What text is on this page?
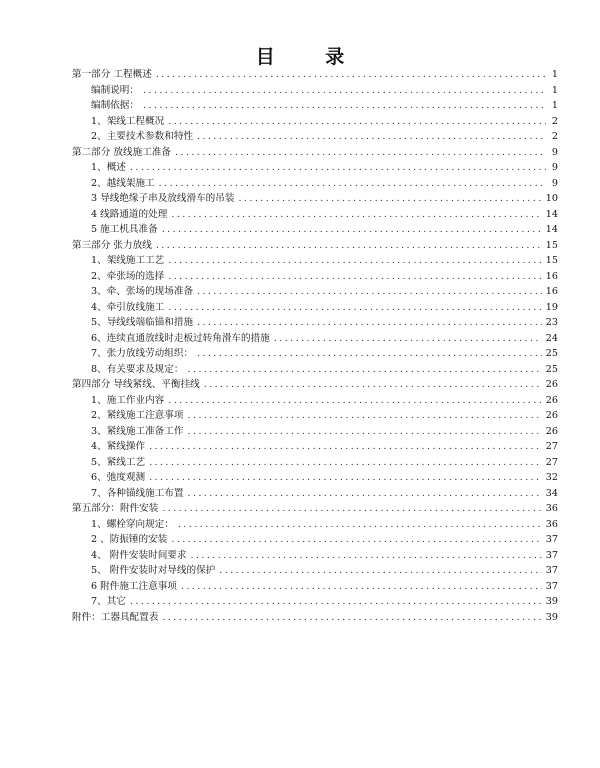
目 录
第一部分 工程概述 .....	1
编制说明： .....	1
编制依据： .....	1
1、架线工程概况 .....	2
2、主要技术参数和特性 .....	2
第二部分 放线施工准备 .....	9
1、概述 .....	9
2、越线架施工 .....	9
3 导线绝缘子串及放线滑车的吊装 .....	10
4 线路通道的处理 .....	14
5 施工机具准备 .....	14
第三部分 张力放线 .....	15
1、架线施工工艺 .....	15
2、牵张场的选择 .....	16
3、牵、张场的现场准备 .....	16
4、牵引放线施工 .....	19
5、导线线端临锚和措施 .....	23
6、连续直通放线时走板过转角滑车的措施 .....	24
7、张力放线劳动组织： .....	25
8、有关要求及规定： .....	25
第四部分 导线紧线、平衡挂线 .....	26
1、施工作业内容 .....	26
2、紧线施工注意事项 .....	26
3、紧线施工准备工作 .....	26
4、紧线操作 .....	27
5、紧线工艺 .....	27
6、弛度观测 .....	32
7、各种锚线施工布置 .....	34
第五部分：附件安装 .....	36
1、螺栓穿向规定： .....	36
2 、防振锤的安装 .....	37
4、 附件安装时间要求 .....	37
5、 附件安装时对导线的保护 .....	37
6 附件施工注意事项 .....	37
7、其它 .....	39
附件：工器具配置表 .....	39
